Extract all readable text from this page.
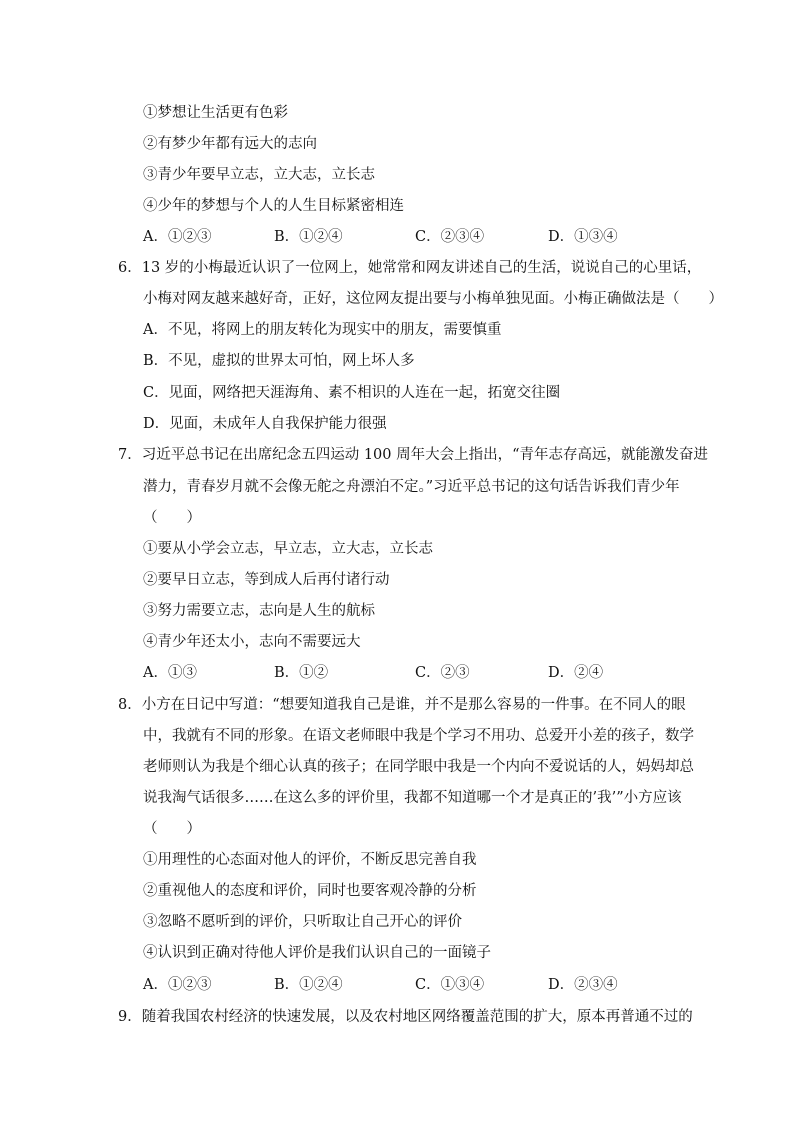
①梦想让生活更有色彩
②有梦少年都有远大的志向
③青少年要早立志，立大志，立长志
④少年的梦想与个人的人生目标紧密相连
A．①②③	B．①②④	C．②③④	D．①③④
6．13 岁的小梅最近认识了一位网上，她常常和网友讲述自己的生活，说说自己的心里话，
小梅对网友越来越好奇，正好，这位网友提出要与小梅单独见面。小梅正确做法是（　　）
A．不见，将网上的朋友转化为现实中的朋友，需要慎重
B．不见，虚拟的世界太可怕，网上坏人多
C．见面，网络把天涯海角、素不相识的人连在一起，拓宽交往圈
D．见面，未成年人自我保护能力很强
7．习近平总书记在出席纪念五四运动 100 周年大会上指出，“青年志存高远，就能激发奋进
潜力，青春岁月就不会像无舵之舟漂泊不定。”习近平总书记的这句话告诉我们青少年
（　　）
①要从小学会立志，早立志，立大志，立长志
②要早日立志，等到成人后再付诸行动
③努力需要立志，志向是人生的航标
④青少年还太小，志向不需要远大
A．①③	B．①②	C．②③	D．②④
8．小方在日记中写道：“想要知道我自己是谁，并不是那么容易的一件事。在不同人的眼
中，我就有不同的形象。在语文老师眼中我是个学习不用功、总爱开小差的孩子，数学
老师则认为我是个细心认真的孩子；在同学眼中我是一个内向不爱说话的人，妈妈却总
说我淘气话很多……在这么多的评价里，我都不知道哪一个才是真正的’我’”小方应该
（　　）
①用理性的心态面对他人的评价，不断反思完善自我
②重视他人的态度和评价，同时也要客观冷静的分析
③忽略不愿听到的评价，只听取让自己开心的评价
④认识到正确对待他人评价是我们认识自己的一面镜子
A．①②③	B．①②④	C．①③④	D．②③④
9．随着我国农村经济的快速发展，以及农村地区网络覆盖范围的扩大，原本再普通不过的
